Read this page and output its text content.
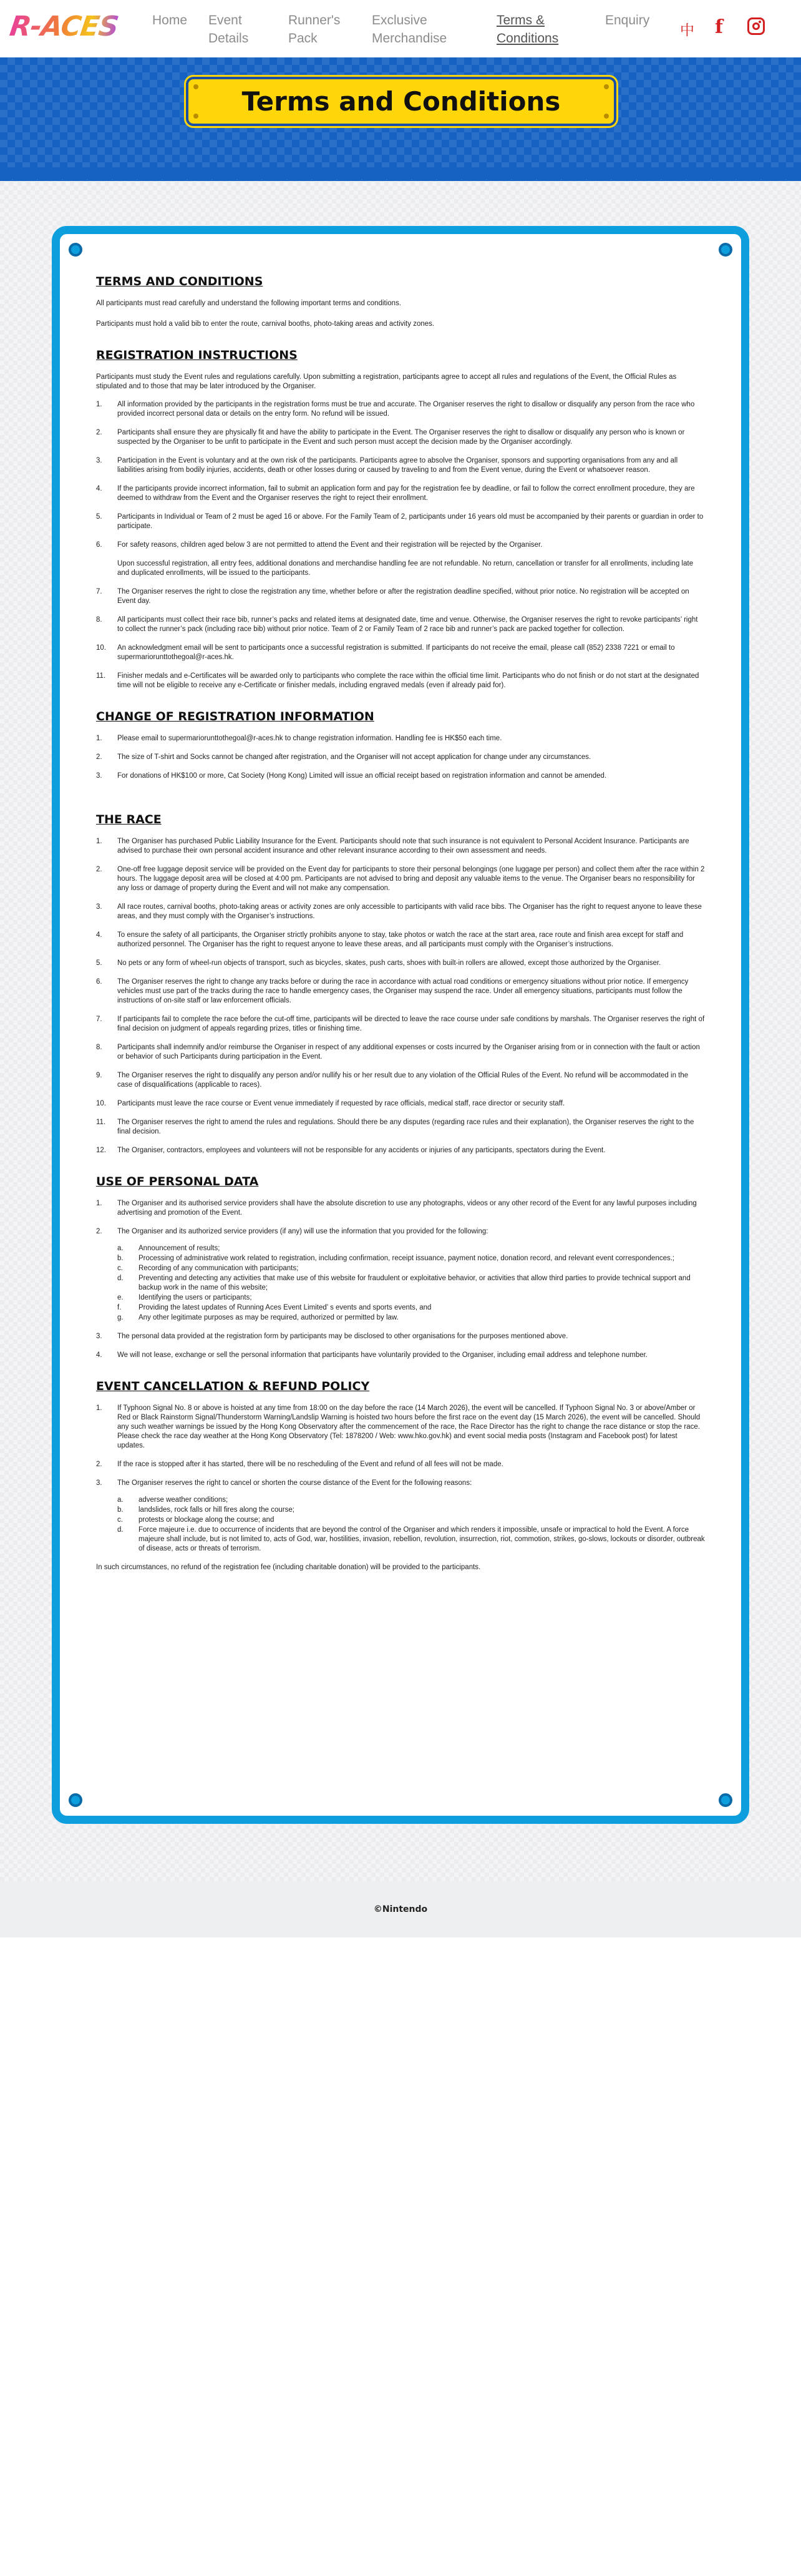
R-ACES Home	Event Details
Runner's Pack
Exclusive Merchandise
Terms & Conditions
Enquiry
中 f
Terms and Conditions
TERMS AND CONDITIONS

All participants must read carefully and understand the following important terms and conditions.

Participants must hold a valid bib to enter the route, carnival booths, photo-taking areas and activity zones.

REGISTRATION INSTRUCTIONS

Participants must study the Event rules and regulations carefully. Upon submitting a registration, participants agree to accept all rules and regulations of the Event, the Official Rules as stipulated and to those that may be later introduced by the Organiser.

1. All information provided by the participants in the registration forms must be true and accurate. The Organiser reserves the right to disallow or disqualify any person from the race who provided incorrect personal data or details on the entry form. No refund will be issued.
2. Participants shall ensure they are physically fit and have the ability to participate in the Event. The Organiser reserves the right to disallow or disqualify any person who is known or suspected by the Organiser to be unfit to participate in the Event and such person must accept the decision made by the Organiser accordingly.
3. Participation in the Event is voluntary and at the own risk of the participants. Participants agree to absolve the Organiser, sponsors and supporting organisations from any and all liabilities arising from bodily injuries, accidents, death or other losses during or caused by traveling to and from the Event venue, during the Event or whatsoever reason.
4. If the participants provide incorrect information, fail to submit an application form and pay for the registration fee by deadline, or fail to follow the correct enrollment procedure, they are deemed to withdraw from the Event and the Organiser reserves the right to reject their enrollment.
5. Participants in Individual or Team of 2 must be aged 16 or above. For the Family Team of 2, participants under 16 years old must be accompanied by their parents or guardian in order to participate.
6. For safety reasons, children aged below 3 are not permitted to attend the Event and their registration will be rejected by the Organiser.
Upon successful registration, all entry fees, additional donations and merchandise handling fee are not refundable. No return, cancellation or transfer for all enrollments, including late and duplicated enrollments, will be issued to the participants.
7. The Organiser reserves the right to close the registration any time, whether before or after the registration deadline specified, without prior notice. No registration will be accepted on Event day.
8. All participants must collect their race bib, runner’s packs and related items at designated date, time and venue. Otherwise, the Organiser reserves the right to revoke participants’ right to collect the runner’s pack (including race bib) without prior notice. Team of 2 or Family Team of 2 race bib and runner’s pack are packed together for collection.
10. An acknowledgment email will be sent to participants once a successful registration is submitted. If participants do not receive the email, please call (852) 2338 7221 or email to supermariorunttothegoal@r-aces.hk.
11. Finisher medals and e-Certificates will be awarded only to participants who complete the race within the official time limit. Participants who do not finish or do not start at the designated time will not be eligible to receive any e-Certificate or finisher medals, including engraved medals (even if already paid for).
CHANGE OF REGISTRATION INFORMATION
1. Please email to supermariorunttothegoal@r-aces.hk to change registration information. Handling fee is HK$50 each time.
2. The size of T-shirt and Socks cannot be changed after registration, and the Organiser will not accept application for change under any circumstances.
3. For donations of HK$100 or more, Cat Society (Hong Kong) Limited will issue an official receipt based on registration information and cannot be amended.
THE RACE
1. The Organiser has purchased Public Liability Insurance for the Event. Participants should note that such insurance is not equivalent to Personal Accident Insurance. Participants are advised to purchase their own personal accident insurance and other relevant insurance according to their own assessment and needs.
2. One-off free luggage deposit service will be provided on the Event day for participants to store their personal belongings (one luggage per person) and collect them after the race within 2 hours. The luggage deposit area will be closed at 4:00 pm. Participants are not advised to bring and deposit any valuable items to the venue. The Organiser bears no responsibility for any loss or damage of property during the Event and will not make any compensation.
3. All race routes, carnival booths, photo-taking areas or activity zones are only accessible to participants with valid race bibs. The Organiser has the right to request anyone to leave these areas, and they must comply with the Organiser’s instructions.
4. To ensure the safety of all participants, the Organiser strictly prohibits anyone to stay, take photos or watch the race at the start area, race route and finish area except for staff and authorized personnel. The Organiser has the right to request anyone to leave these areas, and all participants must comply with the Organiser’s instructions.
5. No pets or any form of wheel-run objects of transport, such as bicycles, skates, push carts, shoes with built-in rollers are allowed, except those authorized by the Organiser.
6. The Organiser reserves the right to change any tracks before or during the race in accordance with actual road conditions or emergency situations without prior notice. If emergency vehicles must use part of the tracks during the race to handle emergency cases, the Organiser may suspend the race. Under all emergency situations, participants must follow the instructions of on-site staff or law enforcement officials.
7. If participants fail to complete the race before the cut-off time, participants will be directed to leave the race course under safe conditions by marshals. The Organiser reserves the right of final decision on judgment of appeals regarding prizes, titles or finishing time.
8. Participants shall indemnify and/or reimburse the Organiser in respect of any additional expenses or costs incurred by the Organiser arising from or in connection with the fault or action or behavior of such Participants during participation in the Event.
9. The Organiser reserves the right to disqualify any person and/or nullify his or her result due to any violation of the Official Rules of the Event. No refund will be accommodated in the case of disqualifications (applicable to races).
10. Participants must leave the race course or Event venue immediately if requested by race officials, medical staff, race director or security staff.
11. The Organiser reserves the right to amend the rules and regulations. Should there be any disputes (regarding race rules and their explanation), the Organiser reserves the right to the final decision.
12. The Organiser, contractors, employees and volunteers will not be responsible for any accidents or injuries of any participants, spectators during the Event.
USE OF PERSONAL DATA
1. The Organiser and its authorised service providers shall have the absolute discretion to use any photographs, videos or any other record of the Event for any lawful purposes including advertising and promotion of the Event.
2. The Organiser and its authorized service providers (if any) will use the information that you provided for the following:
a. Announcement of results;
b. Processing of administrative work related to registration, including confirmation, receipt issuance, payment notice, donation record, and relevant event correspondences.;
c. Recording of any communication with participants;
d. Preventing and detecting any activities that make use of this website for fraudulent or exploitative behavior, or activities that allow third parties to provide technical support and backup work in the name of this website;
e. Identifying the users or participants;
f. Providing the latest updates of Running Aces Event Limited’ s events and sports events, and
g. Any other legitimate purposes as may be required, authorized or permitted by law.
3. The personal data provided at the registration form by participants may be disclosed to other organisations for the purposes mentioned above.
4. We will not lease, exchange or sell the personal information that participants have voluntarily provided to the Organiser, including email address and telephone number.
EVENT CANCELLATION & REFUND POLICY
1. If Typhoon Signal No. 8 or above is hoisted at any time from 18:00 on the day before the race (14 March 2026), the event will be cancelled. If Typhoon Signal No. 3 or above/Amber or Red or Black Rainstorm Signal/Thunderstorm Warning/Landslip Warning is hoisted two hours before the first race on the event day (15 March 2026), the event will be cancelled. Should any such weather warnings be issued by the Hong Kong Observatory after the commencement of the race, the Race Director has the right to change the race distance or stop the race. Please check the race day weather at the Hong Kong Observatory (Tel: 1878200 / Web: www.hko.gov.hk) and event social media posts (Instagram and Facebook post) for latest updates.
2. If the race is stopped after it has started, there will be no rescheduling of the Event and refund of all fees will not be made.
3. The Organiser reserves the right to cancel or shorten the course distance of the Event for the following reasons:
a. adverse weather conditions;
b. landslides, rock falls or hill fires along the course;
c. protests or blockage along the course; and
d. Force majeure i.e. due to occurrence of incidents that are beyond the control of the Organiser and which renders it impossible, unsafe or impractical to hold the Event. A force majeure shall include, but is not limited to, acts of God, war, hostilities, invasion, rebellion, revolution, insurrection, riot, commotion, strikes, go-slows, lockouts or disorder, outbreak of disease, acts or threats of terrorism.

In such circumstances, no refund of the registration fee (including charitable donation) will be provided to the participants.

©Nintendo
